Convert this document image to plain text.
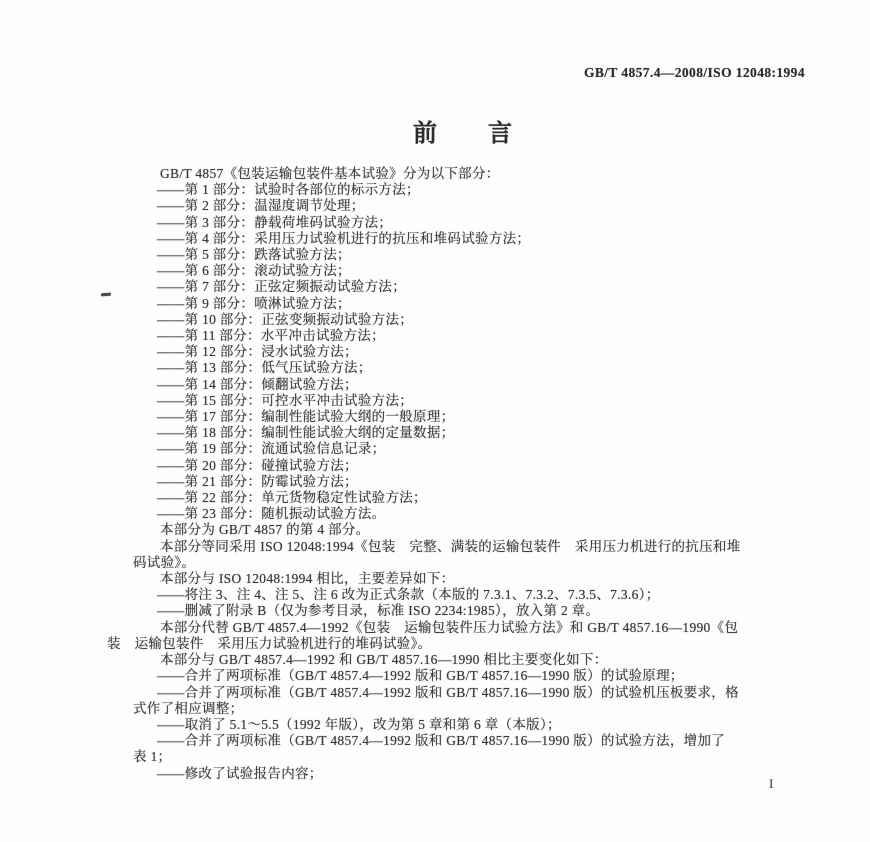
GB/T 4857.4—2008/ISO 12048:1994
前　　言
GB/T 4857《包装运输包装件基本试验》分为以下部分：
——第 1 部分：试验时各部位的标示方法；
——第 2 部分：温湿度调节处理；
——第 3 部分：静载荷堆码试验方法；
——第 4 部分：采用压力试验机进行的抗压和堆码试验方法；
——第 5 部分：跌落试验方法；
——第 6 部分：滚动试验方法；
——第 7 部分：正弦定频振动试验方法；
——第 9 部分：喷淋试验方法；
——第 10 部分：正弦变频振动试验方法；
——第 11 部分：水平冲击试验方法；
——第 12 部分：浸水试验方法；
——第 13 部分：低气压试验方法；
——第 14 部分：倾翻试验方法；
——第 15 部分：可控水平冲击试验方法；
——第 17 部分：编制性能试验大纲的一般原理；
——第 18 部分：编制性能试验大纲的定量数据；
——第 19 部分：流通试验信息记录；
——第 20 部分：碰撞试验方法；
——第 21 部分：防霉试验方法；
——第 22 部分：单元货物稳定性试验方法；
——第 23 部分：随机振动试验方法。
本部分为 GB/T 4857 的第 4 部分。
本部分等同采用 ISO 12048:1994《包装　完整、满装的运输包装件　采用压力机进行的抗压和堆
码试验》。
本部分与 ISO 12048:1994 相比，主要差异如下：
——将注 3、注 4、注 5、注 6 改为正式条款（本版的 7.3.1、7.3.2、7.3.5、7.3.6）；
——删减了附录 B（仅为参考目录，标准 ISO 2234:1985），放入第 2 章。
本部分代替 GB/T 4857.4—1992《包装　运输包装件压力试验方法》和 GB/T 4857.16—1990《包
装　运输包装件　采用压力试验机进行的堆码试验》。
本部分与 GB/T 4857.4—1992 和 GB/T 4857.16—1990 相比主要变化如下：
——合并了两项标准（GB/T 4857.4—1992 版和 GB/T 4857.16—1990 版）的试验原理；
——合并了两项标准（GB/T 4857.4—1992 版和 GB/T 4857.16—1990 版）的试验机压板要求，格
式作了相应调整；
——取消了 5.1～5.5（1992 年版），改为第 5 章和第 6 章（本版）；
——合并了两项标准（GB/T 4857.4—1992 版和 GB/T 4857.16—1990 版）的试验方法，增加了
表 1；
——修改了试验报告内容；
I
